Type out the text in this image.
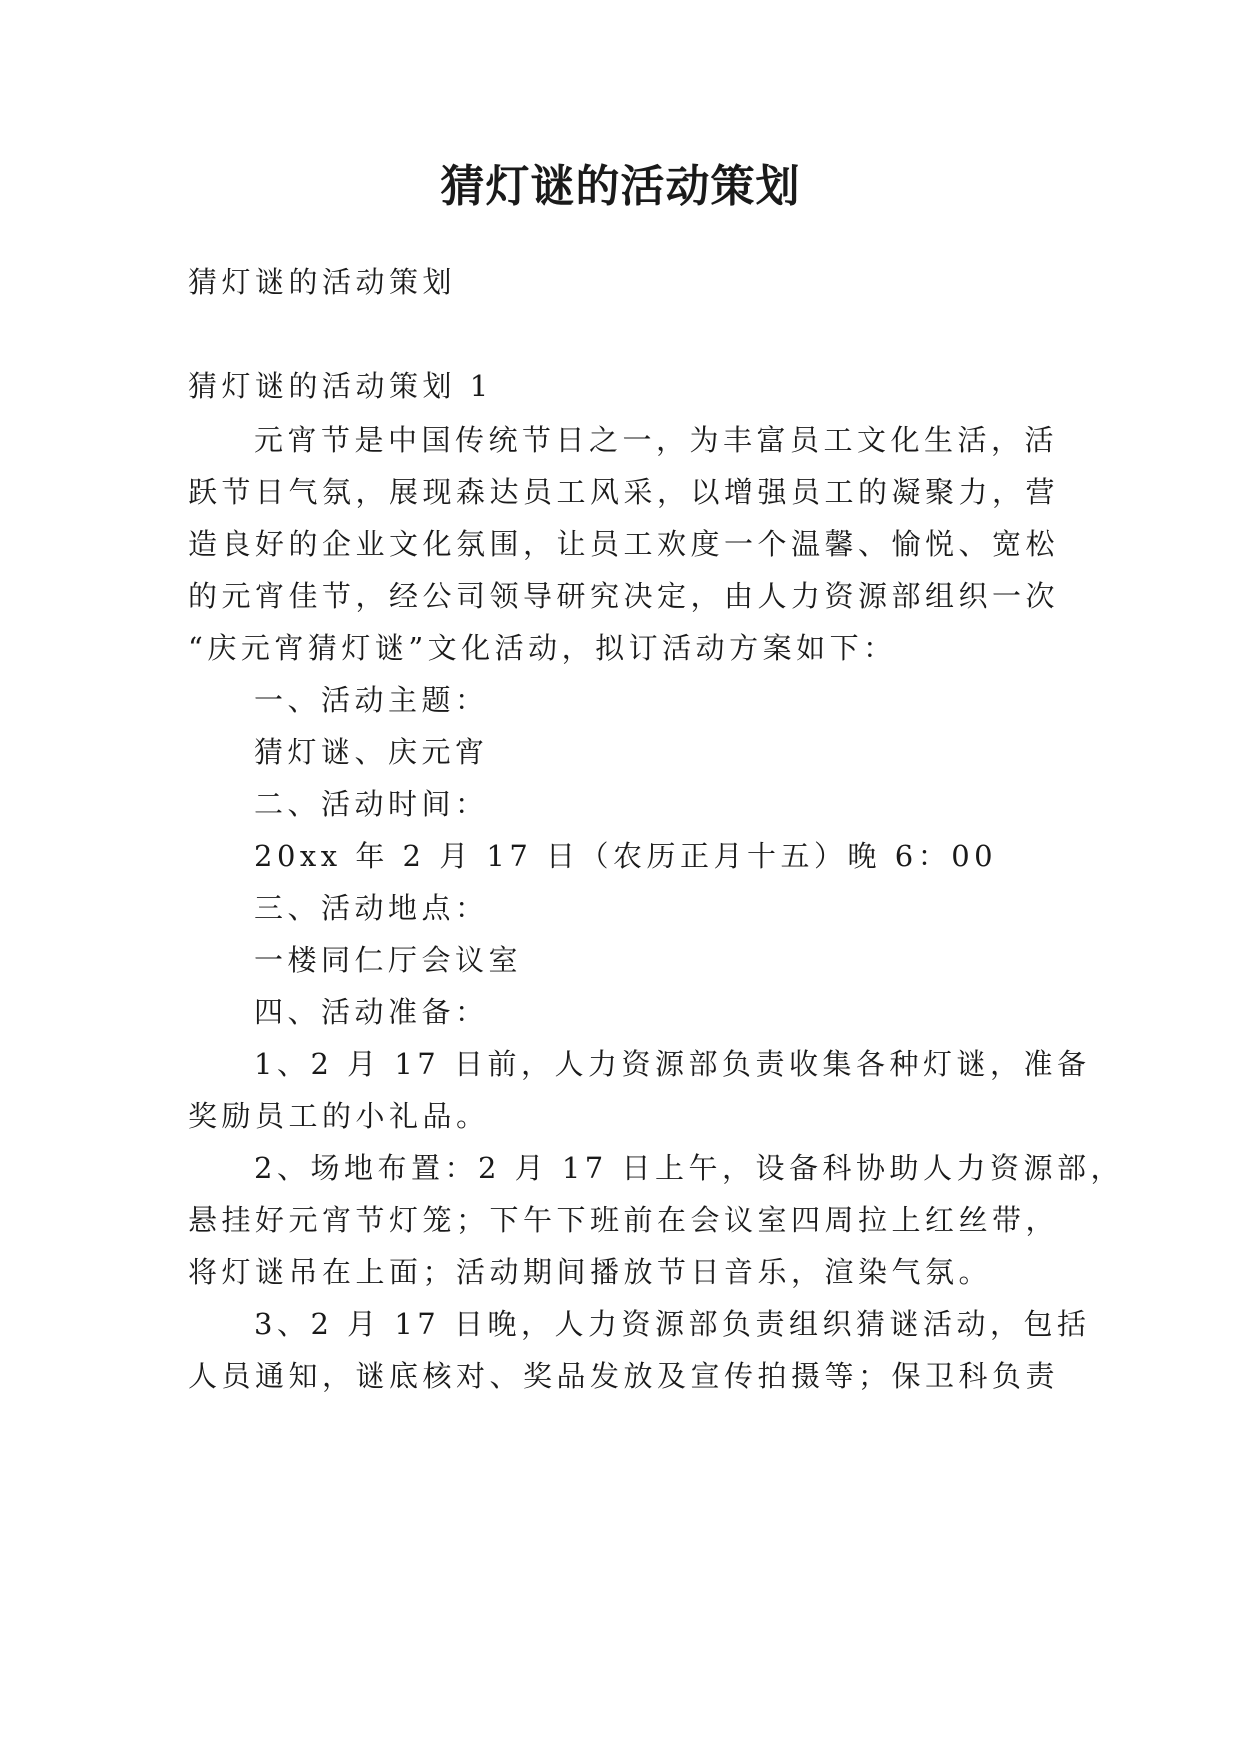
猜灯谜的活动策划

猜灯谜的活动策划

猜灯谜的活动策划 1

元宵节是中国传统节日之一，为丰富员工文化生活，活

跃节日气氛，展现森达员工风采，以增强员工的凝聚力，营

造良好的企业文化氛围，让员工欢度一个温馨、愉悦、宽松

的元宵佳节，经公司领导研究决定，由人力资源部组织一次

“庆元宵猜灯谜”文化活动，拟订活动方案如下：

一、活动主题：

猜灯谜、庆元宵

二、活动时间：

20xx 年 2 月 17 日（农历正月十五）晚 6：00

三、活动地点：

一楼同仁厅会议室

四、活动准备：

1、2 月 17 日前，人力资源部负责收集各种灯谜，准备

奖励员工的小礼品。

2、场地布置：2 月 17 日上午，设备科协助人力资源部，

悬挂好元宵节灯笼；下午下班前在会议室四周拉上红丝带，

将灯谜吊在上面；活动期间播放节日音乐，渲染气氛。

3、2 月 17 日晚，人力资源部负责组织猜谜活动，包括

人员通知，谜底核对、奖品发放及宣传拍摄等；保卫科负责
